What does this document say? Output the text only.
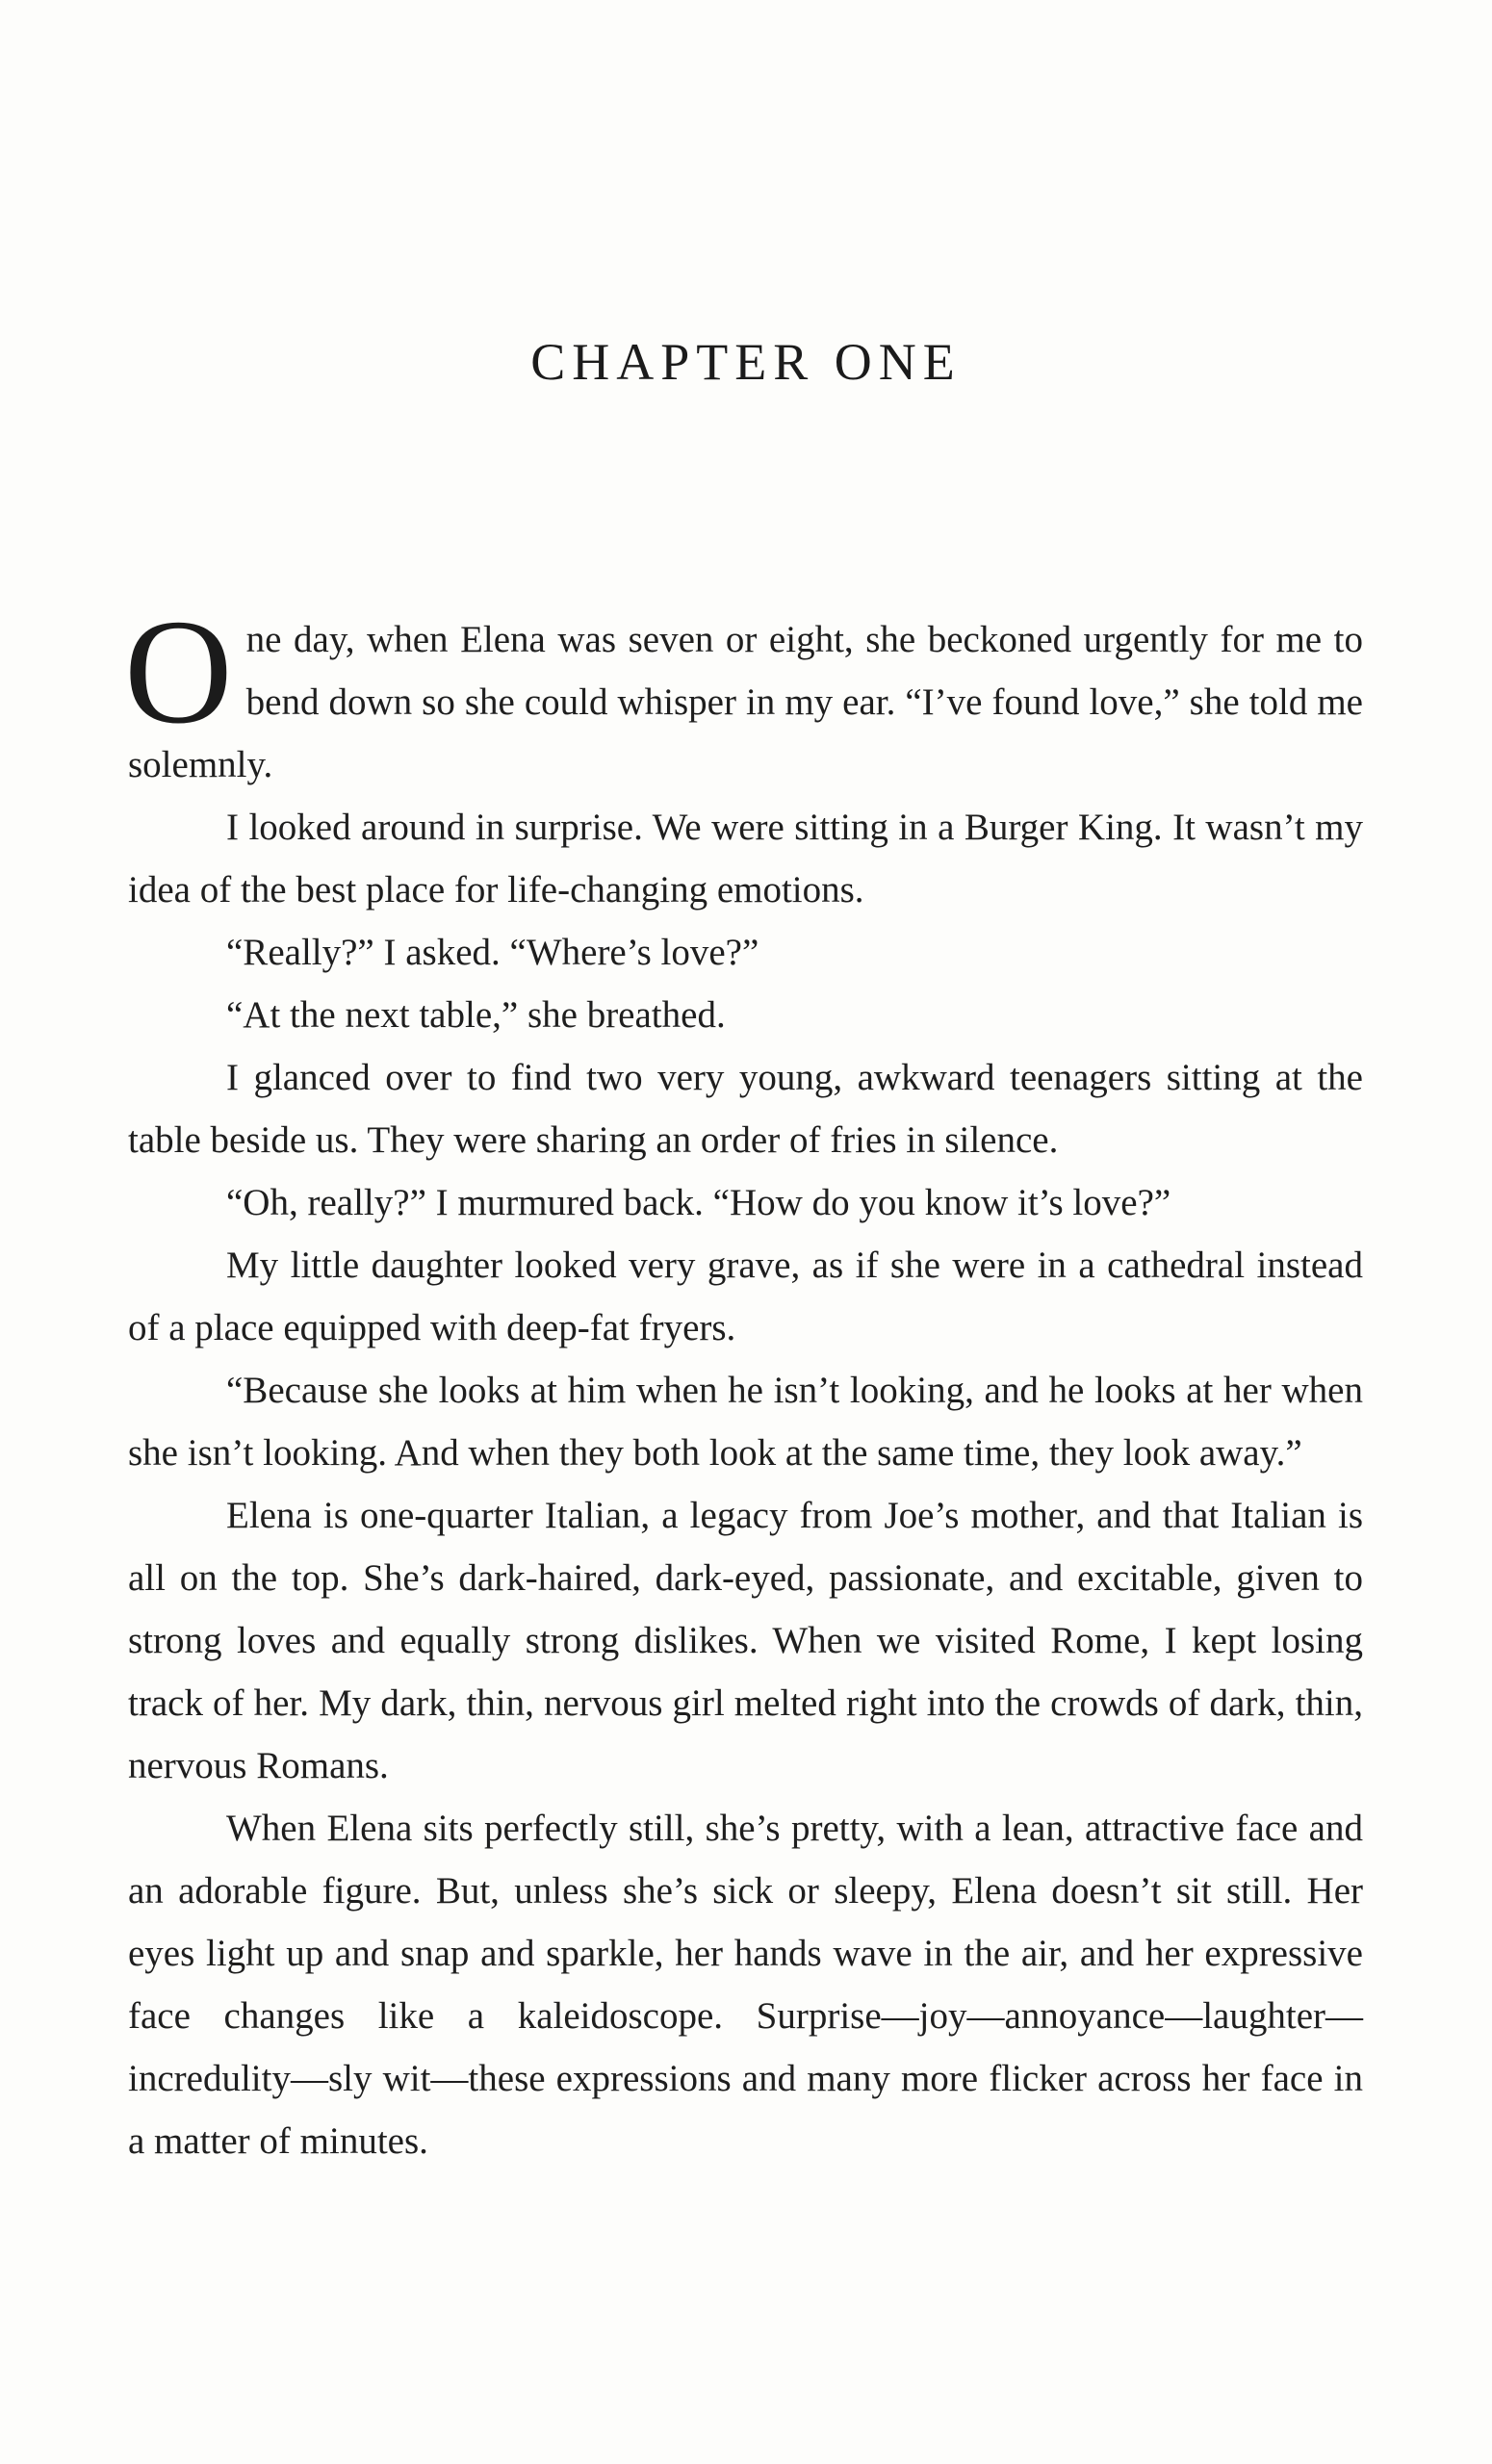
CHAPTER ONE

One day, when Elena was seven or eight, she beckoned urgently for me to bend down so she could whisper in my ear. “I’ve found love,” she told me solemnly.

I looked around in surprise. We were sitting in a Burger King. It wasn’t my idea of the best place for life-changing emotions.

“Really?” I asked. “Where’s love?”

“At the next table,” she breathed.

I glanced over to find two very young, awkward teenagers sitting at the table beside us. They were sharing an order of fries in silence.

“Oh, really?” I murmured back. “How do you know it’s love?”

My little daughter looked very grave, as if she were in a cathedral instead of a place equipped with deep-fat fryers.

“Because she looks at him when he isn’t looking, and he looks at her when she isn’t looking. And when they both look at the same time, they look away.”

Elena is one-quarter Italian, a legacy from Joe’s mother, and that Italian is all on the top. She’s dark-haired, dark-eyed, passionate, and excitable, given to strong loves and equally strong dislikes. When we visited Rome, I kept losing track of her. My dark, thin, nervous girl melted right into the crowds of dark, thin, nervous Romans.

When Elena sits perfectly still, she’s pretty, with a lean, attractive face and an adorable figure. But, unless she’s sick or sleepy, Elena doesn’t sit still. Her eyes light up and snap and sparkle, her hands wave in the air, and her expressive face changes like a kaleidoscope. Surprise—joy—annoyance—laughter—incredulity—sly wit—these expressions and many more flicker across her face in a matter of minutes.
